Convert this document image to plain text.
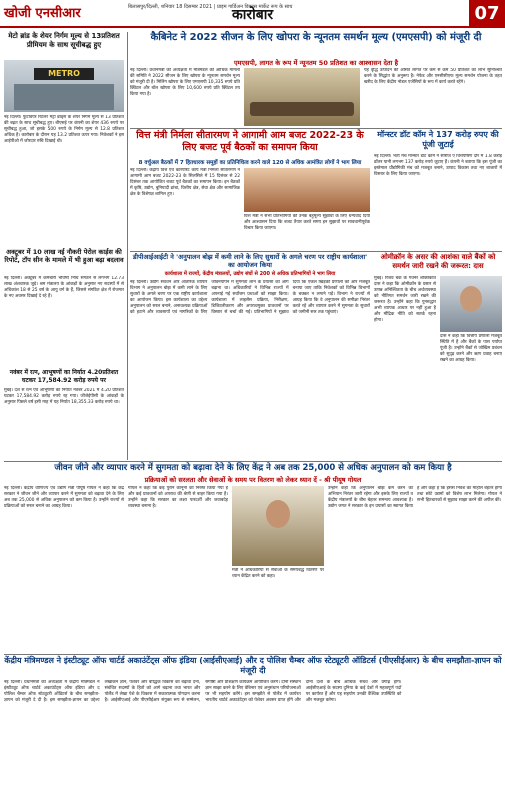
खोजी एनसीआर	बिलासपुर/दिल्ली, शनिवार 18 दिसम्बर 2021 | प्राइम गार्डिअन विकास मार्केट रूप के साथ
कारोबार	07
मेटो ब्रांड के शेयर निर्गम मूल्य से 13प्रतिशत प्रीमियम के साथ सूचीबद्ध हुए
METRO
नई दिल्ली। फुटवियर रिटेलर मेट्रो ब्रांड्स के शेयर निर्गम मूल्य से 13 प्रतिशत की बढ़त के साथ सूचीबद्ध हुए। बीएसई पर कंपनी का शेयर 436 रुपये पर सूचीबद्ध हुआ, जो इसके 500 रुपये के निर्गम मूल्य से 12.8 प्रतिशत अधिक है। कारोबार के दौरान यह 13.2 प्रतिशत ऊपर गया। निवेशकों ने इस आईपीओ में जोरदार रुचि दिखाई थी।
अक्टूबर में 10 लाख नई नौकरी पेरोल कार्ड़स की रिपोर्ट, टॉप सीन के मामले में भी हुआ बढ़ा बदलाव
नई दिल्ली। अक्टूबर में कर्मचारी भविष्य निधि संगठन से लगभग 12.73 लाख अंशधारक जुड़े। श्रम मंत्रालय के आंकड़ों के अनुसार नए सदस्यों में से अधिकांश 18 से 25 वर्ष के आयु वर्ग के हैं, जिससे संगठित क्षेत्र में रोजगार के नए अवसर दिखाई दे रहे हैं।
नवंबर में रत्न, आभूषणों का निर्यात 4.20प्रतिशत घटकर 17,584.92 करोड़ रुपये पर
मुंबई। देश से रत्न एवं आभूषणों का निर्यात नवंबर 2021 में 4.20 प्रतिशत घटकर 17,584.92 करोड़ रुपये रह गया। जीजेईपीसी के आंकड़ों के अनुसार पिछले वर्ष इसी माह में यह निर्यात 18,355.33 करोड़ रुपये था।
कैबिनेट ने 2022 सीजन के लिए खोपरा के न्यूनतम समर्थन मूल्य (एमएसपी) को मंजूरी दी
एमएसपी, लागत के रूप में न्यूनतम 50 प्रतिशत का आश्वासन देता है
नई दिल्ली। प्रधानमंत्री की अध्यक्षता में मंत्रिमंडल की आर्थिक मामलों की समिति ने 2022 सीजन के लिए खोपरा के न्यूनतम समर्थन मूल्य को मंजूरी दी है। मिलिंग खोपरा के लिए एमएसपी 10,335 रुपये प्रति क्विंटल और बॉल खोपरा के लिए 10,600 रुपये प्रति क्विंटल तय किया गया है।
यह वृद्धि उत्पादन की औसत लागत पर कम से कम 50 प्रतिशत का लाभ सुनिश्चित करने के सिद्धांत के अनुरूप है। नेफेड और एनसीसीएफ मूल्य समर्थन योजना के तहत खरीद के लिए केंद्रीय नोडल एजेंसियों के रूप में कार्य करते रहेंगे।
वित्त मंत्री निर्मला सीतारमण ने आगामी आम बजट 2022-23 के लिए बजट पूर्व बैठकों का समापन किया
8 वर्चुअल बैठकों में 7 हितधारक समूहों का प्रतिनिधित्व करने वाले 120 से अधिक आमंत्रित लोगों ने भाग लिया
नई दिल्ली। केंद्रीय वित्त एवं कॉरपोरेट कार्य मंत्री निर्मला सीतारमण ने आगामी आम बजट 2022-23 के सिलसिले में 15 दिसंबर से 22 दिसंबर तक आयोजित बजट पूर्व बैठकों का समापन किया। इन बैठकों में कृषि, उद्योग, बुनियादी ढांचा, वित्तीय क्षेत्र, सेवा क्षेत्र और सामाजिक क्षेत्र के विशेषज्ञ शामिल हुए।
वित्त मंत्री ने सभी प्रतिभागियों को उनके बहुमूल्य सुझावों के लिए धन्यवाद दिया और आश्वासन दिया कि बजट तैयार करते समय इन सुझावों पर सावधानीपूर्वक विचार किया जाएगा।
मॉन्स्टर डॉट कॉम ने 137 करोड़ रुपए की पूंजी जुटाई
नई दिल्ली। भर्ती मंच मॉन्स्टर डॉट कॉम ने सीरीज ए वित्तपोषण दौर में 1.8 करोड़ डॉलर यानी लगभग 137 करोड़ रुपये जुटाए हैं। कंपनी ने बताया कि इस पूंजी का इस्तेमाल प्रौद्योगिकी मंच को मजबूत बनाने, उत्पाद विकास तथा नए बाजारों में विस्तार के लिए किया जाएगा।
डीपीआईआईटी ने 'अनुपालन बोझ में कमी लाने के लिए सुधारों के अगले चरण पर राष्ट्रीय कार्यशाला' का आयोजन किया
कार्यशाला में राज्यों, केंद्रीय मंत्रालयों, उद्योग संघों से 200 से अधिक प्रतिभागियों ने भाग लिया
नई दिल्ली। उद्योग संवर्धन और आंतरिक व्यापार विभाग ने अनुपालन बोझ में कमी लाने के लिए सुधारों के अगले चरण पर एक राष्ट्रीय कार्यशाला का आयोजन किया। इस कार्यशाला का उद्देश्य अनुपालन को सरल बनाने, अनावश्यक प्रक्रियाओं को हटाने और व्यवसायों एवं नागरिकों के लिए जीवनयापन में सुगमता लाने के प्रयासों को आगे बढ़ाना था। अधिकारियों ने विभिन्न राज्यों में अपनाई गई सर्वोत्तम प्रथाओं को साझा किया। कार्यशाला में लाइसेंस प्रक्रिया, निरीक्षण, डिजिटलीकरण और अपराधमुक्त प्रावधानों पर विस्तार से चर्चा की गई। प्रतिभागियों ने सुझाव दिया कि एकल खिड़की प्रणाली को और मजबूत बनाया जाए ताकि निवेशकों को विभिन्न विभागों के चक्कर न लगाने पड़ें। विभाग ने राज्यों से आग्रह किया कि वे अनुपालन की समीक्षा निरंतर करते रहें और व्यापार करने में सुगमता के सुधारों को जमीनी स्तर तक पहुंचाएं।
ओमीक्रॉन के असर की आशंका वाले बैंकों को समर्थन जारी रखने की जरूरत: दास
मुंबई। रिजर्व बैंक के गवर्नर शक्तिकांत दास ने कहा कि ओमीक्रॉन के प्रसार से उत्पन्न अनिश्चितता के बीच अर्थव्यवस्था को नीतिगत समर्थन जारी रखने की जरूरत है। उन्होंने कहा कि पुनरुद्धार अभी व्यापक आधार पर नहीं हुआ है और मौद्रिक नीति को सतर्क रहना होगा।
दास ने कहा कि वित्तीय प्रणाली मजबूत स्थिति में है और बैंकों के पास पर्याप्त पूंजी है। उन्होंने बैंकों से जोखिम प्रबंधन को सुदृढ़ करने और ऋण प्रवाह बनाए रखने का आग्रह किया।
जीवन जीने और व्यापार करने में सुगमता को बढ़ावा देने के लिए केंद्र ने अब तक 25,000 से अधिक अनुपालन को कम किया है
प्रक्रियाओं को सरलता और सेवाओं के समय पर वितरण को लेकर ध्यान दें - श्री पीयूष गोयल
नई दिल्ली। केंद्रीय वाणिज्य एवं उद्योग मंत्री पीयूष गोयल ने कहा कि केंद्र सरकार ने जीवन जीने और व्यापार करने में सुगमता को बढ़ावा देने के लिए अब तक 25,000 से अधिक अनुपालन को कम किया है। उन्होंने राज्यों से प्रक्रियाओं को सरल बनाने का आग्रह किया।
गोयल ने कहा कि कई पुराने कानूनों को निरस्त किया गया है और कई प्रावधानों को अपराध की श्रेणी से बाहर किया गया है। उन्होंने कहा कि सरकार का लक्ष्य पारदर्शी और जवाबदेह व्यवस्था बनाना है।
मंत्री ने अधिकारियों से सेवाओं के समयबद्ध वितरण पर ध्यान केंद्रित करने को कहा।
उन्होंने कहा कि अनुपालन बोझ कम करने का अभियान निरंतर जारी रहेगा और इसके लिए राज्यों व केंद्रीय मंत्रालयों के बीच बेहतर समन्वय आवश्यक है। उद्योग जगत ने सरकार के इन प्रयासों का स्वागत किया है और कहा है कि इससे निवेश का माहौल बेहतर होगा तथा छोटे उद्यमों को विशेष लाभ मिलेगा। गोयल ने सभी हितधारकों से सुझाव साझा करने की अपील की।
केंद्रीय मंत्रिमण्डल ने इंस्टीट्यूट ऑफ चार्टर्ड अकाउंटेंट्स ऑफ इंडिया (आईसीएआई) और द पोलिश चैम्बर ऑफ स्टेट्यूटरी ऑडिटर्स (पीएसीईआर) के बीच समझौता-ज्ञापन को मंजूरी दी
नई दिल्ली। प्रधानमंत्री की अध्यक्षता में केंद्रीय मंत्रिमंडल ने इंस्टीट्यूट ऑफ चार्टर्ड अकाउंटेंट्स ऑफ इंडिया और द पोलिश चैम्बर ऑफ स्टेट्यूटरी ऑडिटर्स के बीच समझौता-ज्ञापन को मंजूरी दे दी है। इस समझौता-ज्ञापन का उद्देश्य लेखांकन ज्ञान, पेशेवर और बौद्धिक विकास को बढ़ावा देना, संबंधित सदस्यों के हितों को आगे बढ़ाना तथा भारत और पोलैंड में लेखा पेशे के विकास में सकारात्मक योगदान करना है। आईसीएआई और पीएसीईआर संयुक्त रूप से सम्मेलन, संगोष्ठी और प्रशिक्षण कार्यक्रम आयोजित करेंगे। दोनों संस्थान ज्ञान साझा करने के लिए वेबिनार एवं अनुसंधान परियोजनाओं पर भी सहयोग करेंगे। इस समझौते से पोलैंड में कार्यरत भारतीय चार्टर्ड अकाउंटेंट्स को पेशेवर अवसर प्राप्त होंगे और दोनों देशों के बीच आर्थिक संबंध और प्रगाढ़ होंगे। आईसीएआई के सदस्य दुनिया के कई देशों में महत्वपूर्ण पदों पर कार्यरत हैं और यह सहयोग उनकी वैश्विक उपस्थिति को और मजबूत करेगा।
